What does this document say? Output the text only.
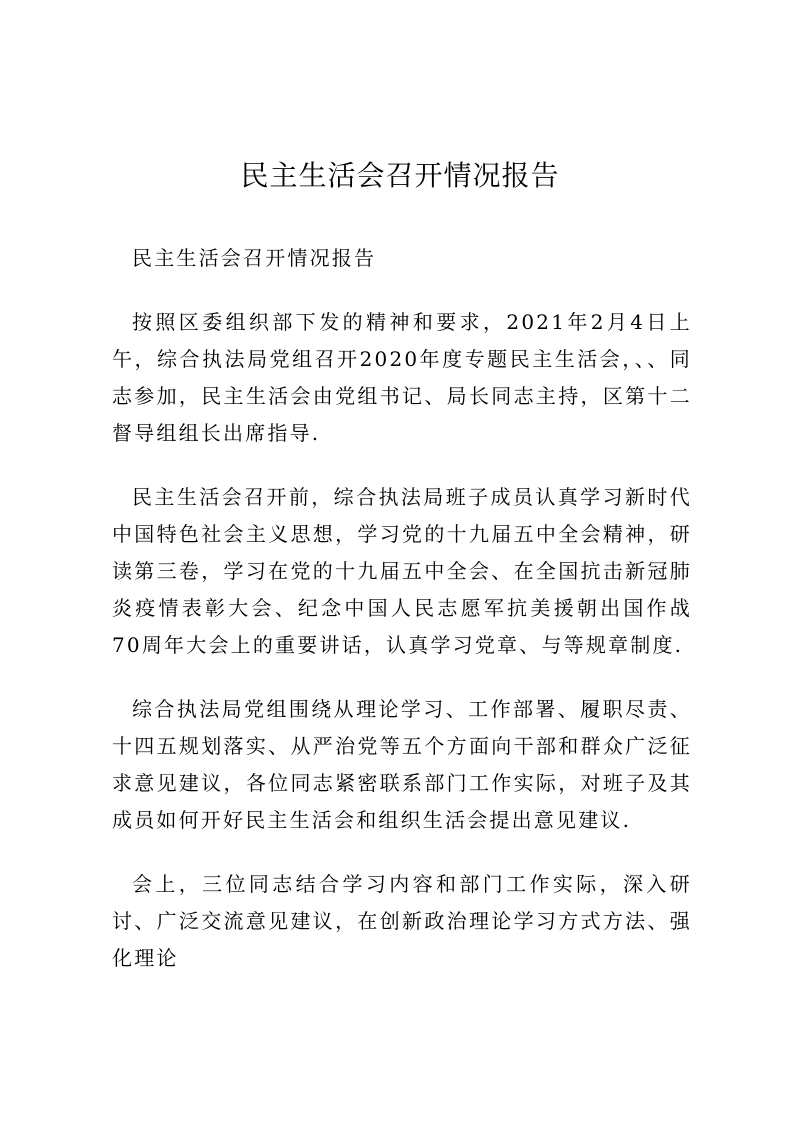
民主生活会召开情况报告

民主生活会召开情况报告

按照区委组织部下发的精神和要求，2021年2月4日上午，综合执法局党组召开2020年度专题民主生活会，、、同志参加，民主生活会由党组书记、局长同志主持，区第十二督导组组长出席指导.

民主生活会召开前，综合执法局班子成员认真学习新时代中国特色社会主义思想，学习党的十九届五中全会精神，研读第三卷，学习在党的十九届五中全会、在全国抗击新冠肺炎疫情表彰大会、纪念中国人民志愿军抗美援朝出国作战70周年大会上的重要讲话，认真学习党章、与等规章制度.

综合执法局党组围绕从理论学习、工作部署、履职尽责、十四五规划落实、从严治党等五个方面向干部和群众广泛征求意见建议，各位同志紧密联系部门工作实际，对班子及其成员如何开好民主生活会和组织生活会提出意见建议.

会上，三位同志结合学习内容和部门工作实际，深入研讨、广泛交流意见建议，在创新政治理论学习方式方法、强化理论
